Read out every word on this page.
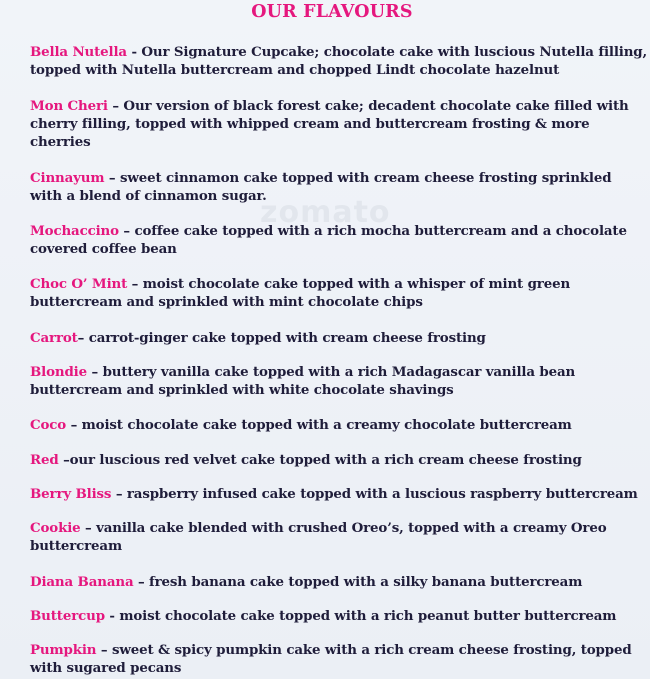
zomato
OUR FLAVOURS

Bella Nutella - Our Signature Cupcake; chocolate cake with luscious Nutella filling,
topped with Nutella buttercream and chopped Lindt chocolate hazelnut

Mon Cheri – Our version of black forest cake; decadent chocolate cake filled with
cherry filling, topped with whipped cream and buttercream frosting & more
cherries

Cinnayum – sweet cinnamon cake topped with cream cheese frosting sprinkled
with a blend of cinnamon sugar.

Mochaccino – coffee cake topped with a rich mocha buttercream and a chocolate
covered coffee bean

Choc O’ Mint – moist chocolate cake topped with a whisper of mint green
buttercream and sprinkled with mint chocolate chips

Carrot– carrot-ginger cake topped with cream cheese frosting

Blondie – buttery vanilla cake topped with a rich Madagascar vanilla bean
buttercream and sprinkled with white chocolate shavings

Coco – moist chocolate cake topped with a creamy chocolate buttercream

Red –our luscious red velvet cake topped with a rich cream cheese frosting

Berry Bliss – raspberry infused cake topped with a luscious raspberry buttercream

Cookie – vanilla cake blended with crushed Oreo’s, topped with a creamy Oreo
buttercream

Diana Banana – fresh banana cake topped with a silky banana buttercream

Buttercup - moist chocolate cake topped with a rich peanut butter buttercream

Pumpkin – sweet & spicy pumpkin cake with a rich cream cheese frosting, topped
with sugared pecans
